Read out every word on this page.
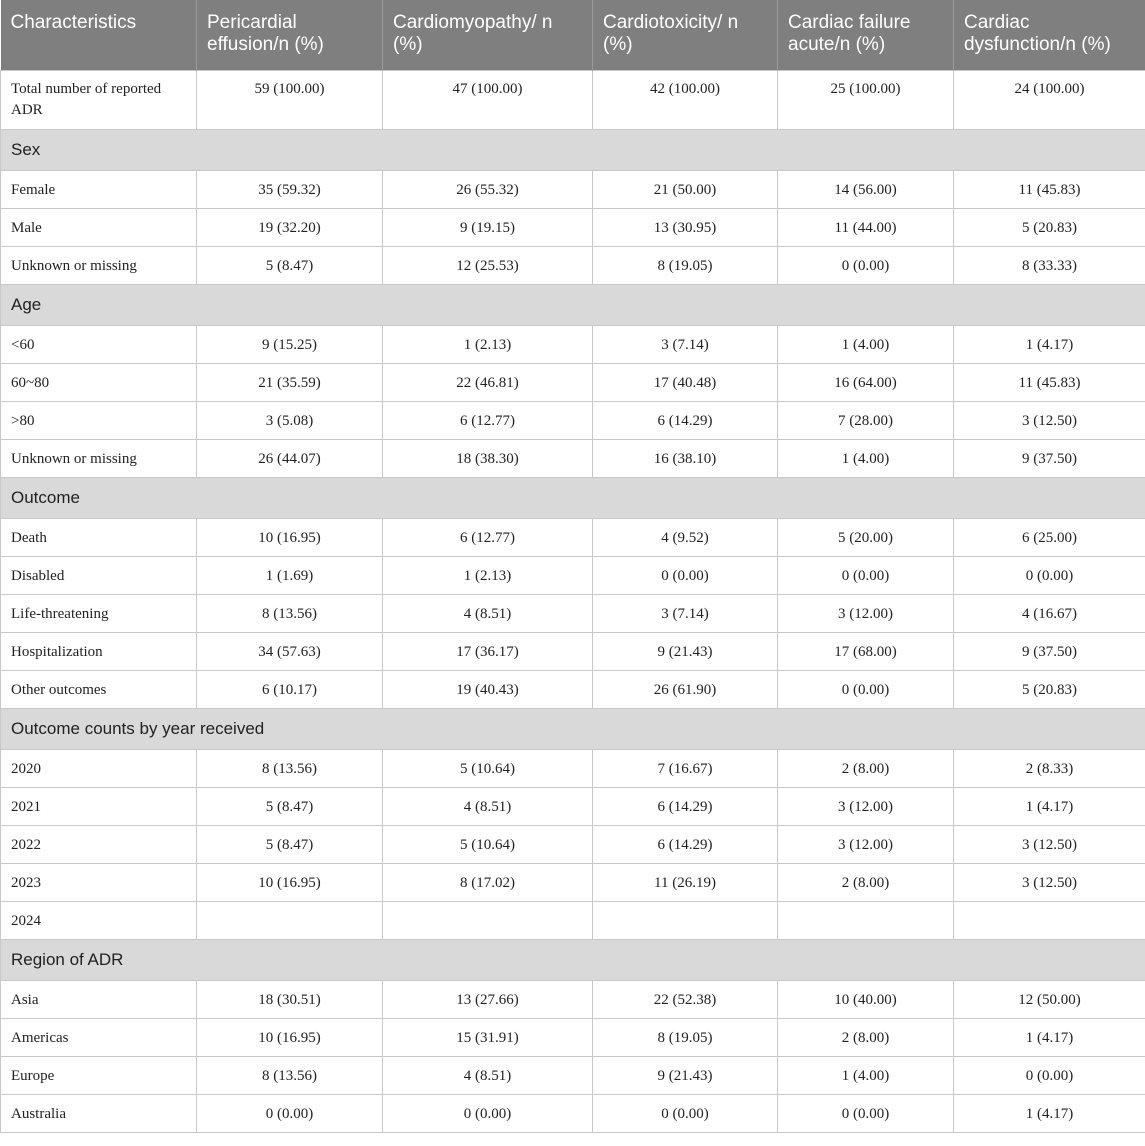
Characteristics	Pericardial effusion/n (%)	Cardiomyopathy/ n (%)	Cardiotoxicity/ n (%)	Cardiac failure acute/n (%)	Cardiac dysfunction/n (%)
Total number of reported ADR	59 (100.00)	47 (100.00)	42 (100.00)	25 (100.00)	24 (100.00)
Sex					
Female	35 (59.32)	26 (55.32)	21 (50.00)	14 (56.00)	11 (45.83)
Male	19 (32.20)	9 (19.15)	13 (30.95)	11 (44.00)	5 (20.83)
Unknown or missing	5 (8.47)	12 (25.53)	8 (19.05)	0 (0.00)	8 (33.33)
Age					
<60	9 (15.25)	1 (2.13)	3 (7.14)	1 (4.00)	1 (4.17)
60~80	21 (35.59)	22 (46.81)	17 (40.48)	16 (64.00)	11 (45.83)
>80	3 (5.08)	6 (12.77)	6 (14.29)	7 (28.00)	3 (12.50)
Unknown or missing	26 (44.07)	18 (38.30)	16 (38.10)	1 (4.00)	9 (37.50)
Outcome					
Death	10 (16.95)	6 (12.77)	4 (9.52)	5 (20.00)	6 (25.00)
Disabled	1 (1.69)	1 (2.13)	0 (0.00)	0 (0.00)	0 (0.00)
Life-threatening	8 (13.56)	4 (8.51)	3 (7.14)	3 (12.00)	4 (16.67)
Hospitalization	34 (57.63)	17 (36.17)	9 (21.43)	17 (68.00)	9 (37.50)
Other outcomes	6 (10.17)	19 (40.43)	26 (61.90)	0 (0.00)	5 (20.83)
Outcome counts by year received					
2020	8 (13.56)	5 (10.64)	7 (16.67)	2 (8.00)	2 (8.33)
2021	5 (8.47)	4 (8.51)	6 (14.29)	3 (12.00)	1 (4.17)
2022	5 (8.47)	5 (10.64)	6 (14.29)	3 (12.00)	3 (12.50)
2023	10 (16.95)	8 (17.02)	11 (26.19)	2 (8.00)	3 (12.50)
2024					
Region of ADR					
Asia	18 (30.51)	13 (27.66)	22 (52.38)	10 (40.00)	12 (50.00)
Americas	10 (16.95)	15 (31.91)	8 (19.05)	2 (8.00)	1 (4.17)
Europe	8 (13.56)	4 (8.51)	9 (21.43)	1 (4.00)	0 (0.00)
Australia	0 (0.00)	0 (0.00)	0 (0.00)	0 (0.00)	1 (4.17)
